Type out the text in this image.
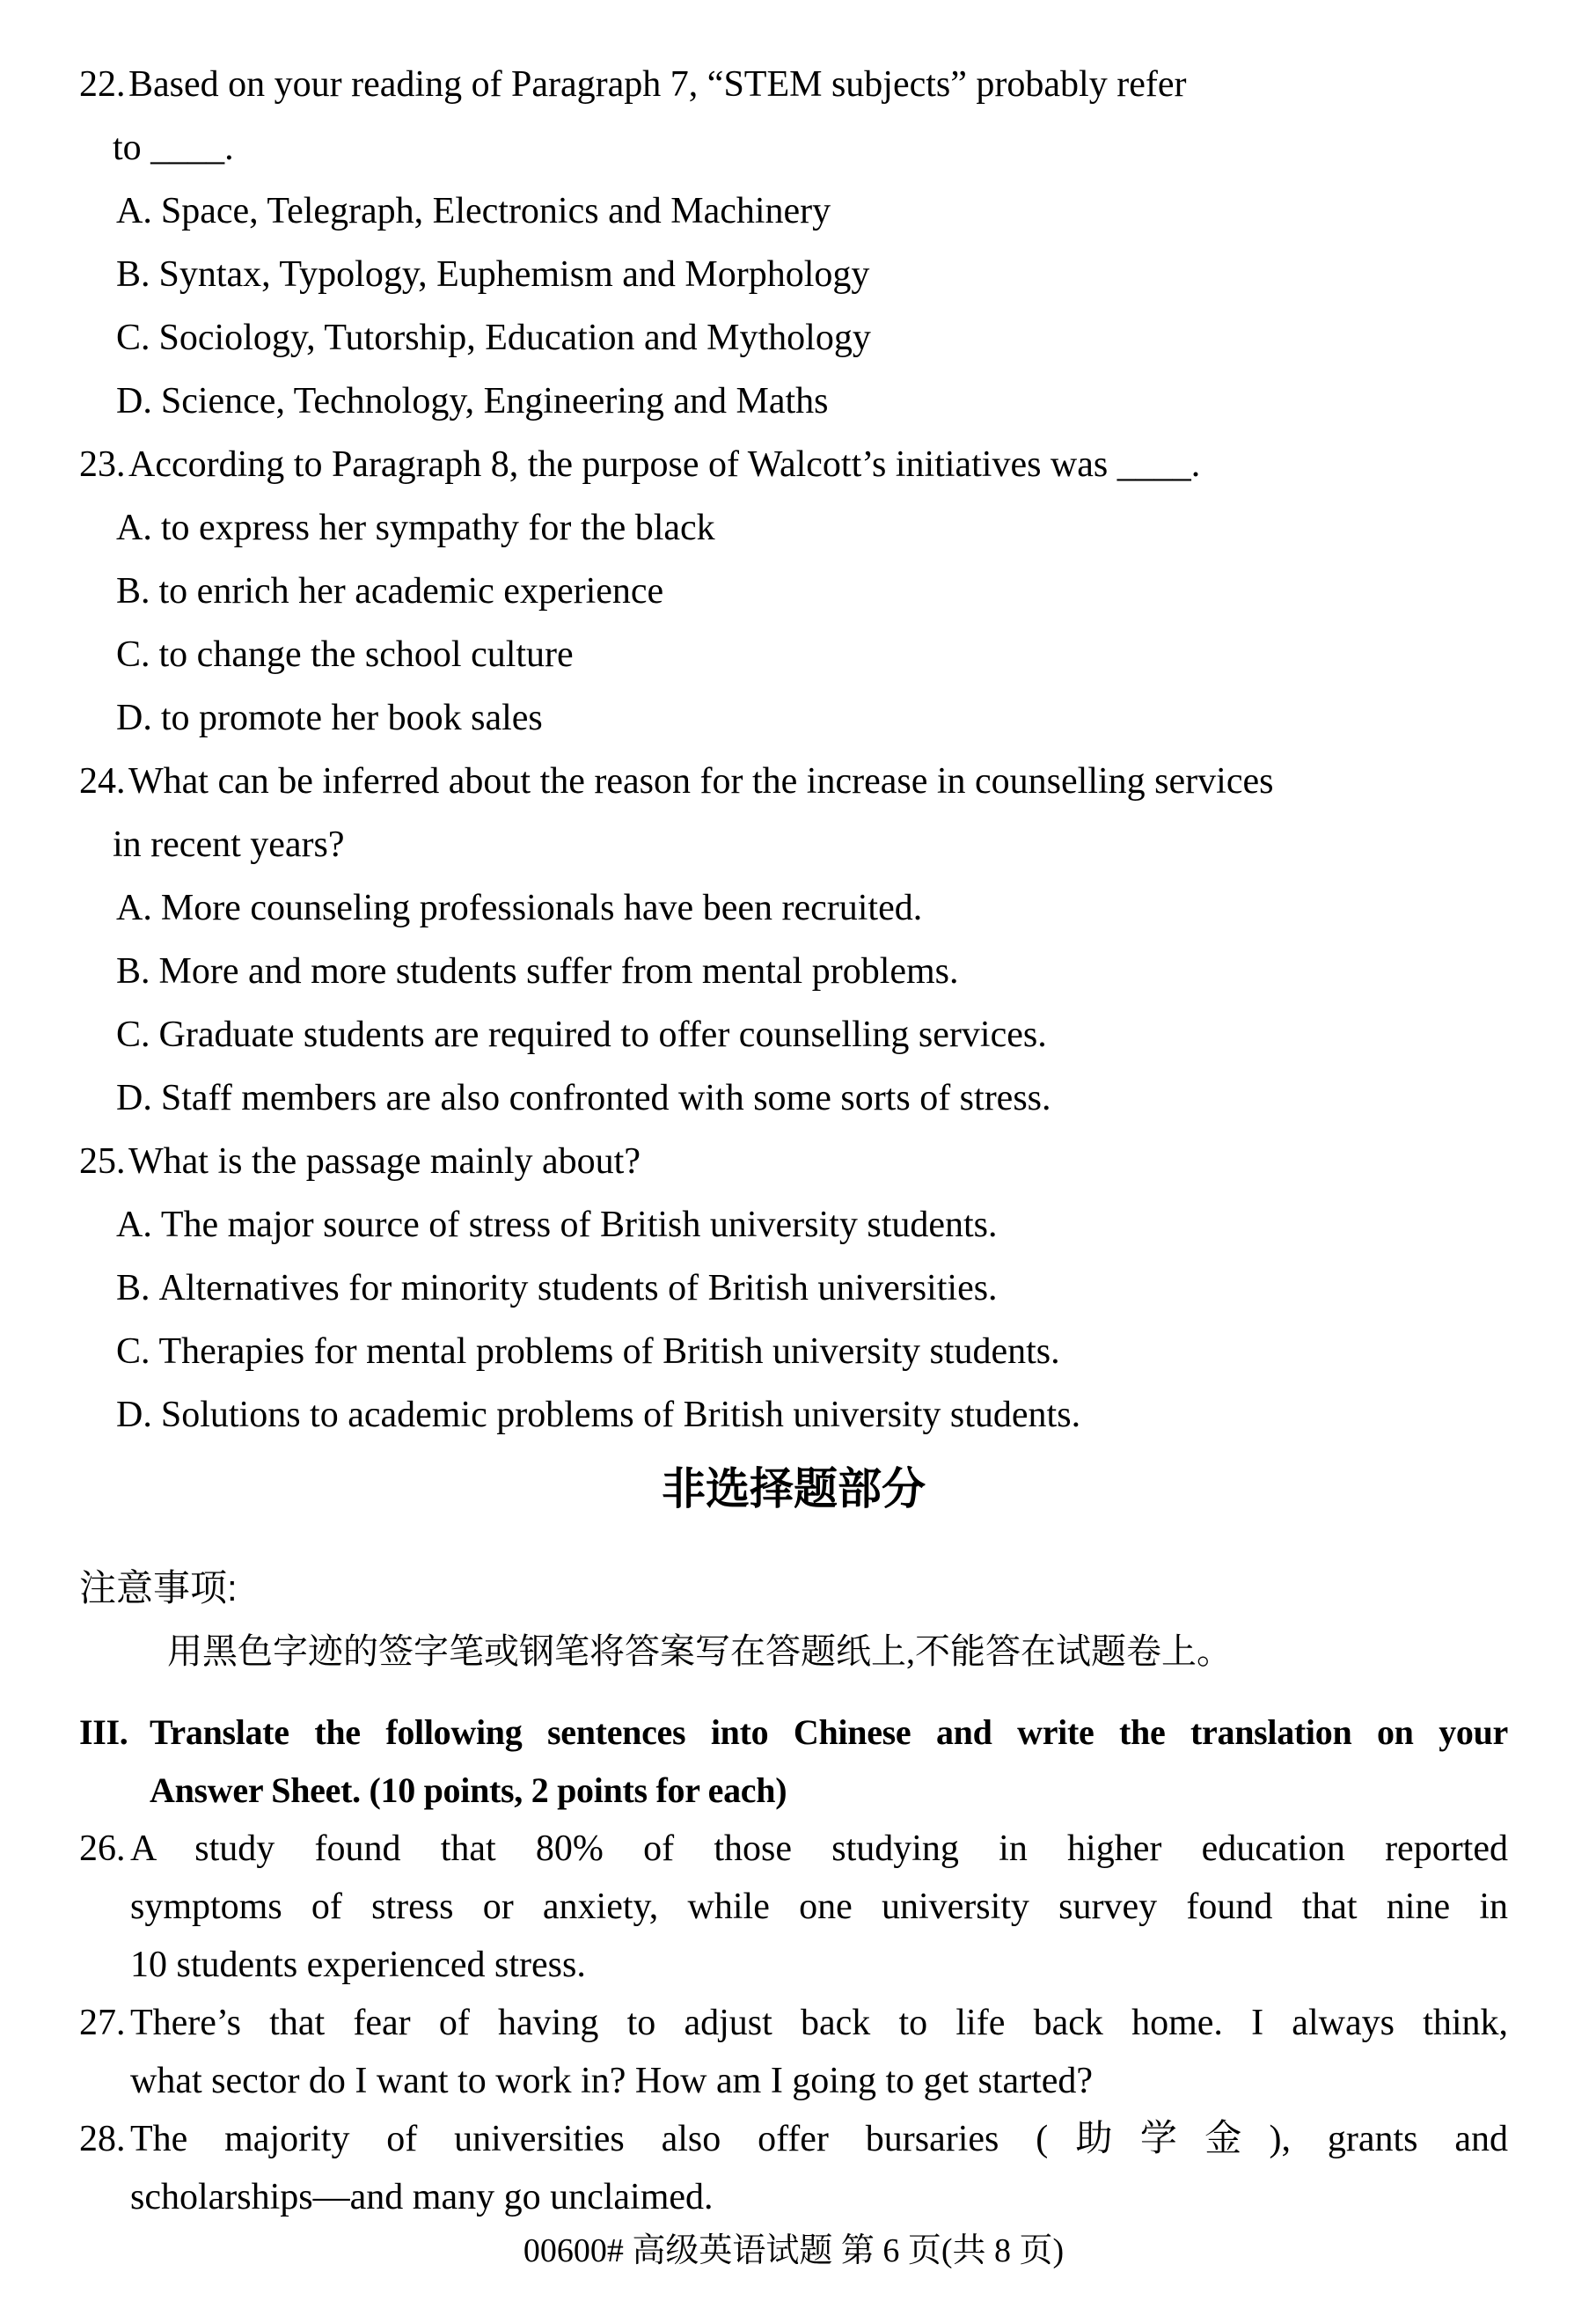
22.Based on your reading of Paragraph 7, “STEM subjects” probably refer
to ____.
A. Space, Telegraph, Electronics and Machinery
B. Syntax, Typology, Euphemism and Morphology
C. Sociology, Tutorship, Education and Mythology
D. Science, Technology, Engineering and Maths
23.According to Paragraph 8, the purpose of Walcott’s initiatives was ____.
A. to express her sympathy for the black
B. to enrich her academic experience
C. to change the school culture
D. to promote her book sales
24.What can be inferred about the reason for the increase in counselling services
in recent years?
A. More counseling professionals have been recruited.
B. More and more students suffer from mental problems.
C. Graduate students are required to offer counselling services.
D. Staff members are also confronted with some sorts of stress.
25.What is the passage mainly about?
A. The major source of stress of British university students.
B. Alternatives for minority students of British universities.
C. Therapies for mental problems of British university students.
D. Solutions to academic problems of British university students.
非选择题部分
注意事项:
用黑色字迹的签字笔或钢笔将答案写在答题纸上,不能答在试题卷上。
III. Translate the following sentences into Chinese and write the translation on your
Answer Sheet. (10 points, 2 points for each)
26. A study found that 80% of those studying in higher education reported
symptoms of stress or anxiety, while one university survey found that nine in
10 students experienced stress.
27. There’s that fear of having to adjust back to life back home. I always think,
what sector do I want to work in? How am I going to get started?
28. The majority of universities also offer bursaries (助学金), grants and
scholarships—and many go unclaimed.
00600# 高级英语试题 第 6 页(共 8 页)
